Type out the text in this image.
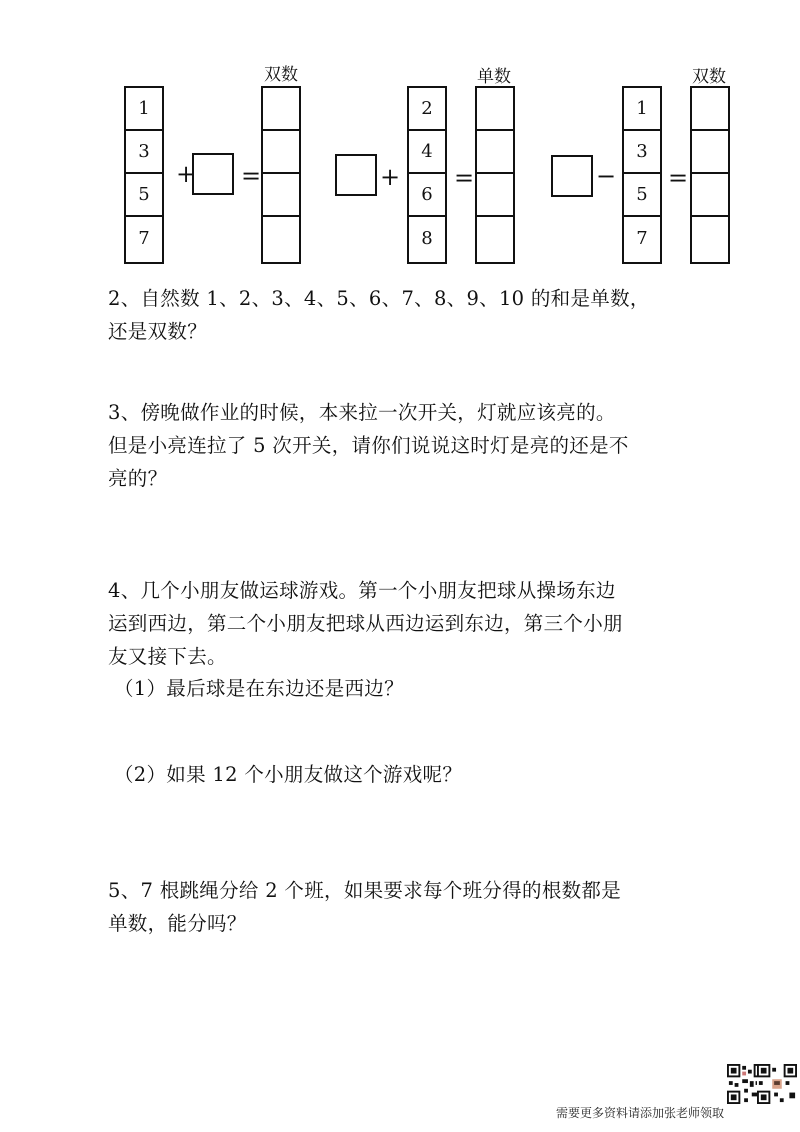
双数
1
3
5
7
+ =
单数
+
2
4
6
8
=
双数
−
1
3
5
7
=
2、自然数 1、2、3、4、5、6、7、8、9、10 的和是单数，
还是双数？
3、傍晚做作业的时候，本来拉一次开关，灯就应该亮的。
但是小亮连拉了 5 次开关，请你们说说这时灯是亮的还是不
亮的？
4、几个小朋友做运球游戏。第一个小朋友把球从操场东边
运到西边，第二个小朋友把球从西边运到东边，第三个小朋
友又接下去。
（1）最后球是在东边还是西边？
（2）如果 12 个小朋友做这个游戏呢？
5、7 根跳绳分给 2 个班，如果要求每个班分得的根数都是
单数，能分吗？
需要更多资料请添加张老师领取
